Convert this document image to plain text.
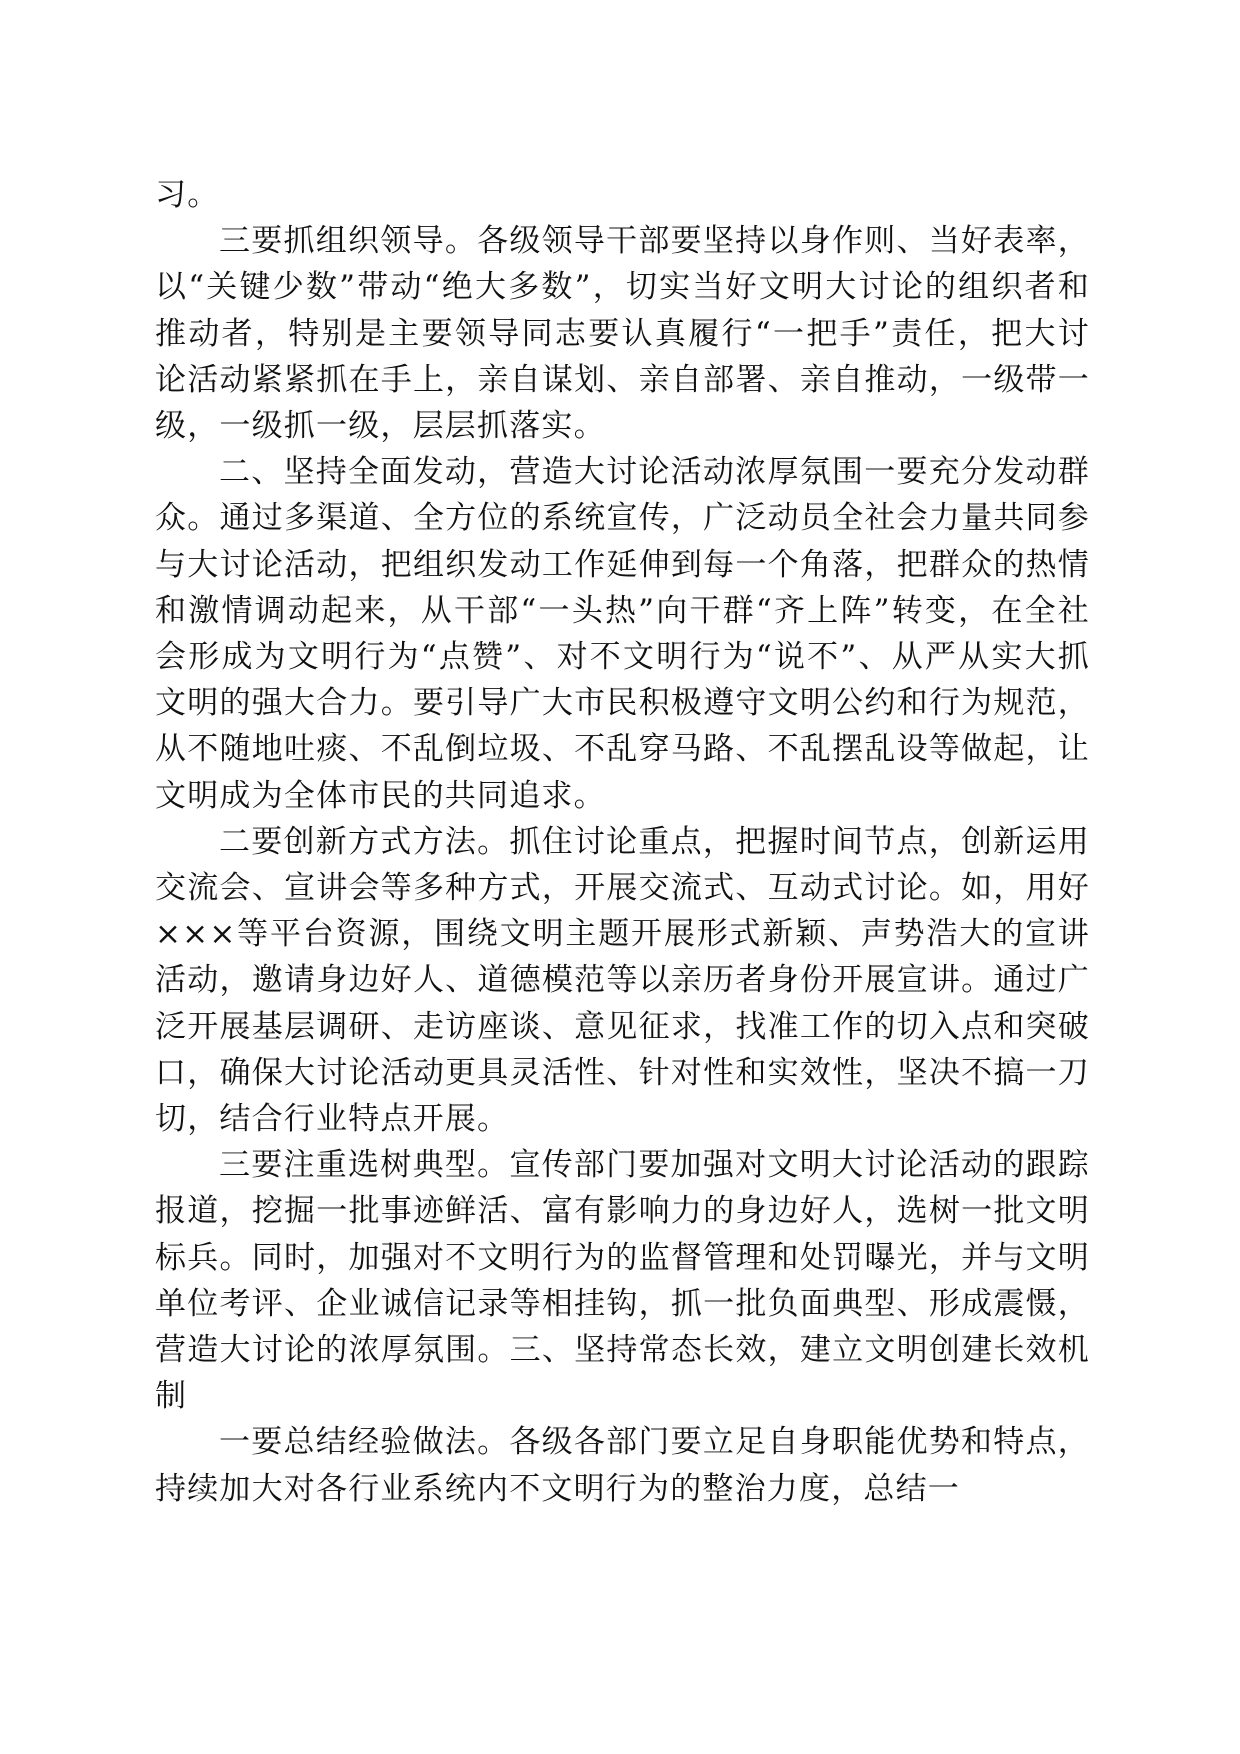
习。

三要抓组织领导。各级领导干部要坚持以身作则、当好表率，以“关键少数”带动“绝大多数”，切实当好文明大讨论的组织者和推动者，特别是主要领导同志要认真履行“一把手”责任，把大讨论活动紧紧抓在手上，亲自谋划、亲自部署、亲自推动，一级带一级，一级抓一级，层层抓落实。

二、坚持全面发动，营造大讨论活动浓厚氛围一要充分发动群众。通过多渠道、全方位的系统宣传，广泛动员全社会力量共同参与大讨论活动，把组织发动工作延伸到每一个角落，把群众的热情和激情调动起来，从干部“一头热”向干群“齐上阵”转变，在全社会形成为文明行为“点赞”、对不文明行为“说不”、从严从实大抓文明的强大合力。要引导广大市民积极遵守文明公约和行为规范，从不随地吐痰、不乱倒垃圾、不乱穿马路、不乱摆乱设等做起，让文明成为全体市民的共同追求。

二要创新方式方法。抓住讨论重点，把握时间节点，创新运用交流会、宣讲会等多种方式，开展交流式、互动式讨论。如，用好×××等平台资源，围绕文明主题开展形式新颖、声势浩大的宣讲活动，邀请身边好人、道德模范等以亲历者身份开展宣讲。通过广泛开展基层调研、走访座谈、意见征求，找准工作的切入点和突破口，确保大讨论活动更具灵活性、针对性和实效性，坚决不搞一刀切，结合行业特点开展。

三要注重选树典型。宣传部门要加强对文明大讨论活动的跟踪报道，挖掘一批事迹鲜活、富有影响力的身边好人，选树一批文明标兵。同时，加强对不文明行为的监督管理和处罚曝光，并与文明单位考评、企业诚信记录等相挂钩，抓一批负面典型、形成震慑，营造大讨论的浓厚氛围。三、坚持常态长效，建立文明创建长效机制

一要总结经验做法。各级各部门要立足自身职能优势和特点，持续加大对各行业系统内不文明行为的整治力度，总结一
